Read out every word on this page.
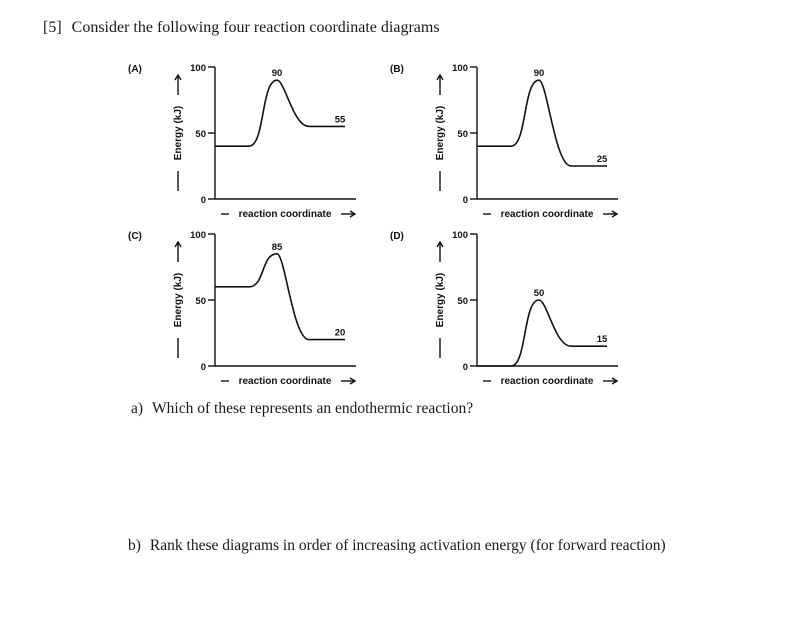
[5] Consider the following four reaction coordinate diagrams
(A)	100
50
0
Energy (kJ)
reaction coordinate
90
55
(B)	100
50
0
Energy (kJ)
reaction coordinate
90
25
(C)	100
50
0
Energy (kJ)
reaction coordinate
85
20
(D)	100
50
0
Energy (kJ)
reaction coordinate
50
15
a) Which of these represents an endothermic reaction?
b) Rank these diagrams in order of increasing activation energy (for forward reaction)
